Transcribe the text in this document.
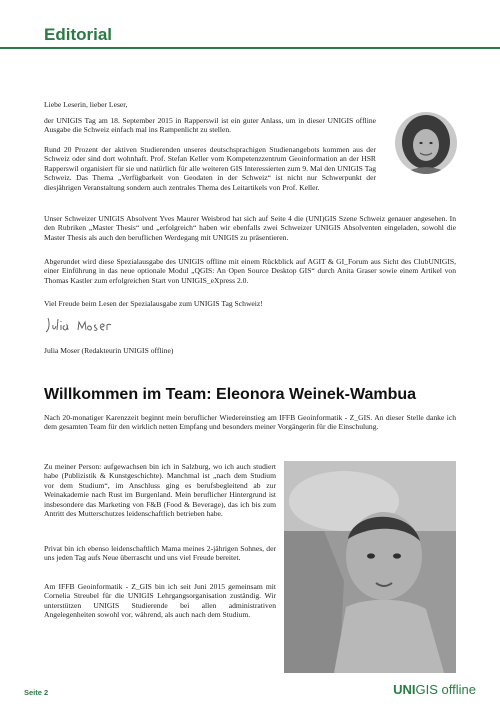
Editorial

Liebe Leserin, lieber Leser,

der UNIGIS Tag am 18. September 2015 in Rapperswil ist ein guter Anlass, um in dieser UNIGIS offline Ausgabe die Schweiz einfach mal ins Rampenlicht zu stellen.

Rund 20 Prozent der aktiven Studierenden unseres deutschsprachigen Studienangebots kommen aus der Schweiz oder sind dort wohnhaft. Prof. Stefan Keller vom Kompetenzzentrum Geoinformation an der HSR Rapperswil organisiert für sie und natürlich für alle weiteren GIS Interessierten zum 9. Mal den UNIGIS Tag Schweiz. Das Thema „Verfügbarkeit von Geodaten in der Schweiz“ ist nicht nur Schwerpunkt der diesjährigen Veranstaltung sondern auch zentrales Thema des Leitartikels von Prof. Keller.

Unser Schweizer UNIGIS Absolvent Yves Maurer Weisbrod hat sich auf Seite 4 die (UNI)GIS Szene Schweiz genauer angesehen. In den Rubriken „Master Thesis“ und „erfolgreich“ haben wir ebenfalls zwei Schweizer UNIGIS Absolventen eingeladen, sowohl die Master Thesis als auch den beruflichen Werdegang mit UNIGIS zu präsentieren.

Abgerundet wird diese Spezialausgabe des UNIGIS offline mit einem Rückblick auf AGIT & GI_Forum aus Sicht des ClubUNIGIS, einer Einführung in das neue optionale Modul „QGIS: An Open Source Desktop GIS“ durch Anita Graser sowie einem Artikel von Thomas Kastler zum erfolgreichen Start von UNIGIS_eXpress 2.0.

Viel Freude beim Lesen der Spezialausgabe zum UNIGIS Tag Schweiz!

Julia Moser (Redakteurin UNIGIS offline)

Willkommen im Team: Eleonora Weinek-Wambua

Nach 20-monatiger Karenzzeit beginnt mein beruflicher Wiedereinstieg am IFFB Geoinformatik - Z_GIS. An dieser Stelle danke ich dem gesamten Team für den wirklich netten Empfang und besonders meiner Vorgängerin für die Einschulung.

Zu meiner Person: aufgewachsen bin ich in Salzburg, wo ich auch studiert habe (Publizistik & Kunstgeschichte). Manchmal ist „nach dem Studium vor dem Studium“, im Anschluss ging es berufsbegleitend ab zur Weinakademie nach Rust im Burgenland. Mein beruflicher Hintergrund ist insbesondere das Marketing von F&B (Food & Beverage), das ich bis zum Antritt des Mutterschutzes leidenschaftlich betrieben habe.

Privat bin ich ebenso leidenschaftlich Mama meines 2-jährigen Sohnes, der uns jeden Tag aufs Neue überrascht und uns viel Freude bereitet.

Am IFFB Geoinformatik - Z_GIS bin ich seit Juni 2015 gemeinsam mit Cornelia Streubel für die UNIGIS Lehrgangsorganisation zuständig. Wir unterstützen UNIGIS Studierende bei allen administrativen Angelegenheiten sowohl vor, während, als auch nach dem Studium.

Seite 2	UNIGIS offline
